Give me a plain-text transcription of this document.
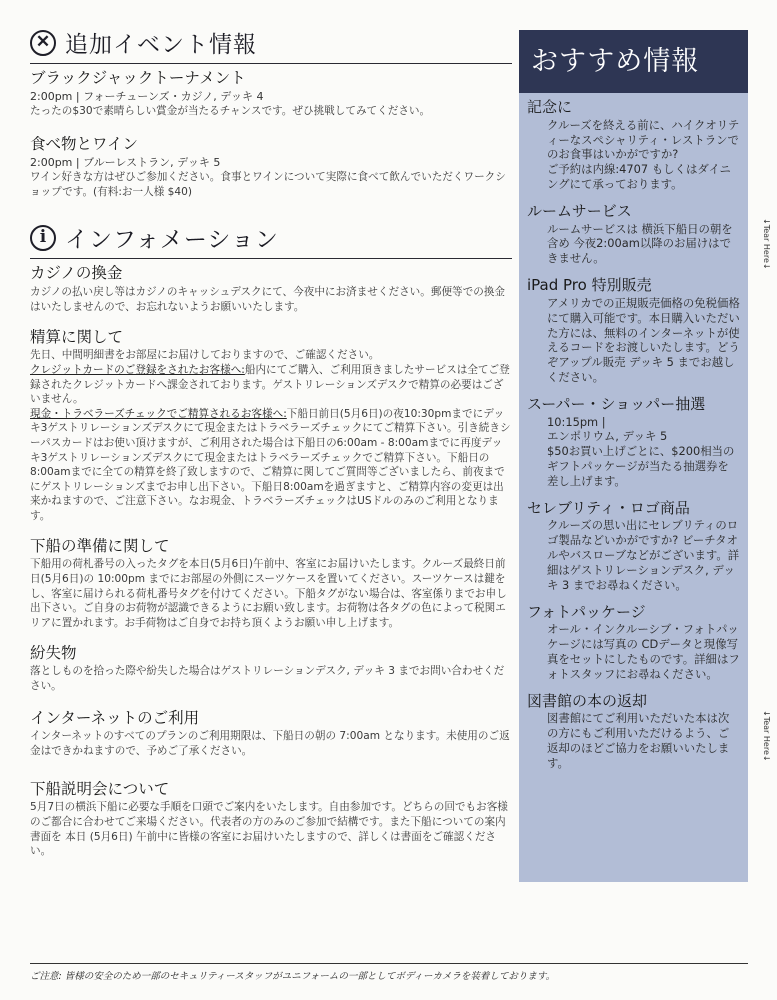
✕ 追加イベント情報
ブラックジャックトーナメント
2:00pm | フォーチューンズ・カジノ, デッキ 4

たったの$30で素晴らしい賞金が当たるチャンスです。ぜひ挑戦してみてください。

食べ物とワイン
2:00pm | ブルーレストラン, デッキ 5

ワイン好きな方はぜひご参加ください。食事とワインについて実際に食べて飲んでいただくワークショップです。(有料:お一人様 $40)

i インフォメーション
カジノの換金

カジノの払い戻し等はカジノのキャッシュデスクにて、今夜中にお済ませください。郵便等での換金はいたしませんので、お忘れないようお願いいたします。

精算に関して

先日、中間明細書をお部屋にお届けしておりますので、ご確認ください。

クレジットカードのご登録をされたお客様へ:船内にてご購入、ご利用頂きましたサービスは全てご登録されたクレジットカードへ課金されております。ゲストリレーションズデスクで精算の必要はございません。

現金・トラベラーズチェックでご精算されるお客様へ:下船日前日(5月6日)の夜10:30pmまでにデッキ3ゲストリレーションズデスクにて現金またはトラベラーズチェックにてご精算下さい。引き続きシーパスカードはお使い頂けますが、ご利用された場合は下船日の6:00am - 8:00amまでに再度デッキ3ゲストリレーションズデスクにて現金またはトラベラーズチェックでご精算下さい。下船日の8:00amまでに全ての精算を終了致しますので、ご精算に関してご質問等ございましたら、前夜までにゲストリレーションズまでお申し出下さい。下船日8:00amを過ぎますと、ご精算内容の変更は出来かねますので、ご注意下さい。なお現金、トラベラーズチェックはUSドルのみのご利用となります。

下船の準備に関して

下船用の荷札番号の入ったタグを本日(5月6日)午前中、客室にお届けいたします。クルーズ最終日前日(5月6日)の 10:00pm までにお部屋の外側にスーツケースを置いてください。スーツケースは鍵をし、客室に届けられる荷札番号タグを付けてください。下船タグがない場合は、客室係りまでお申し出下さい。ご自身のお荷物が認識できるようにお願い致します。お荷物は各タグの色によって税関エリアに置かれます。お手荷物はご自身でお持ち頂くようお願い申し上げます。

紛失物

落としものを拾った際や紛失した場合はゲストリレーションデスク, デッキ 3 までお問い合わせください。

インターネットのご利用

インターネットのすべてのプランのご利用期限は、下船日の朝の 7:00am となります。未使用のご返金はできかねますので、予めご了承ください。

下船説明会について

5月7日の横浜下船に必要な手順を口頭でご案内をいたします。自由参加です。どちらの回でもお客様のご都合に合わせてご来場ください。代表者の方のみのご参加で結構です。また下船についての案内書面を 本日 (5月6日) 午前中に皆様の客室にお届けいたしますので、詳しくは書面をご確認ください。

おすすめ情報
記念に

クルーズを終える前に、ハイクオリティーなスペシャリティ・レストランでのお食事はいかがですか?
ご予約は内線:4707 もしくはダイニングにて承っております。

ルームサービス

ルームサービスは 横浜下船日の朝を含め 今夜2:00am以降のお届けはできません。

iPad Pro 特別販売

アメリカでの正規販売価格の免税価格にて購入可能です。本日購入いただいた方には、無料のインターネットが使えるコードをお渡しいたします。どうぞアップル販売 デッキ 5 までお越しください。

スーパー・ショッパー抽選

10:15pm |
エンポリウム, デッキ 5
$50お買い上げごとに、$200相当のギフトパッケージが当たる抽選券を差し上げます。

セレブリティ・ロゴ商品

クルーズの思い出にセレブリティのロゴ製品などいかがですか? ビーチタオルやバスローブなどがございます。詳細はゲストリレーションデスク, デッキ 3 までお尋ねください。

フォトパッケージ

オール・インクルーシブ・フォトパッケージには写真の CDデータと現像写真をセットにしたものです。詳細はフォトスタッフにお尋ねください。

図書館の本の返却

図書館にてご利用いただいた本は次の方にもご利用いただけるよう、ご返却のほどご協力をお願いいたします。

↓Tear Here↓
↓Tear Here↓
ご注意: 皆様の安全のため一部のセキュリティースタッフがユニフォームの一部としてボディーカメラを装着しております。
